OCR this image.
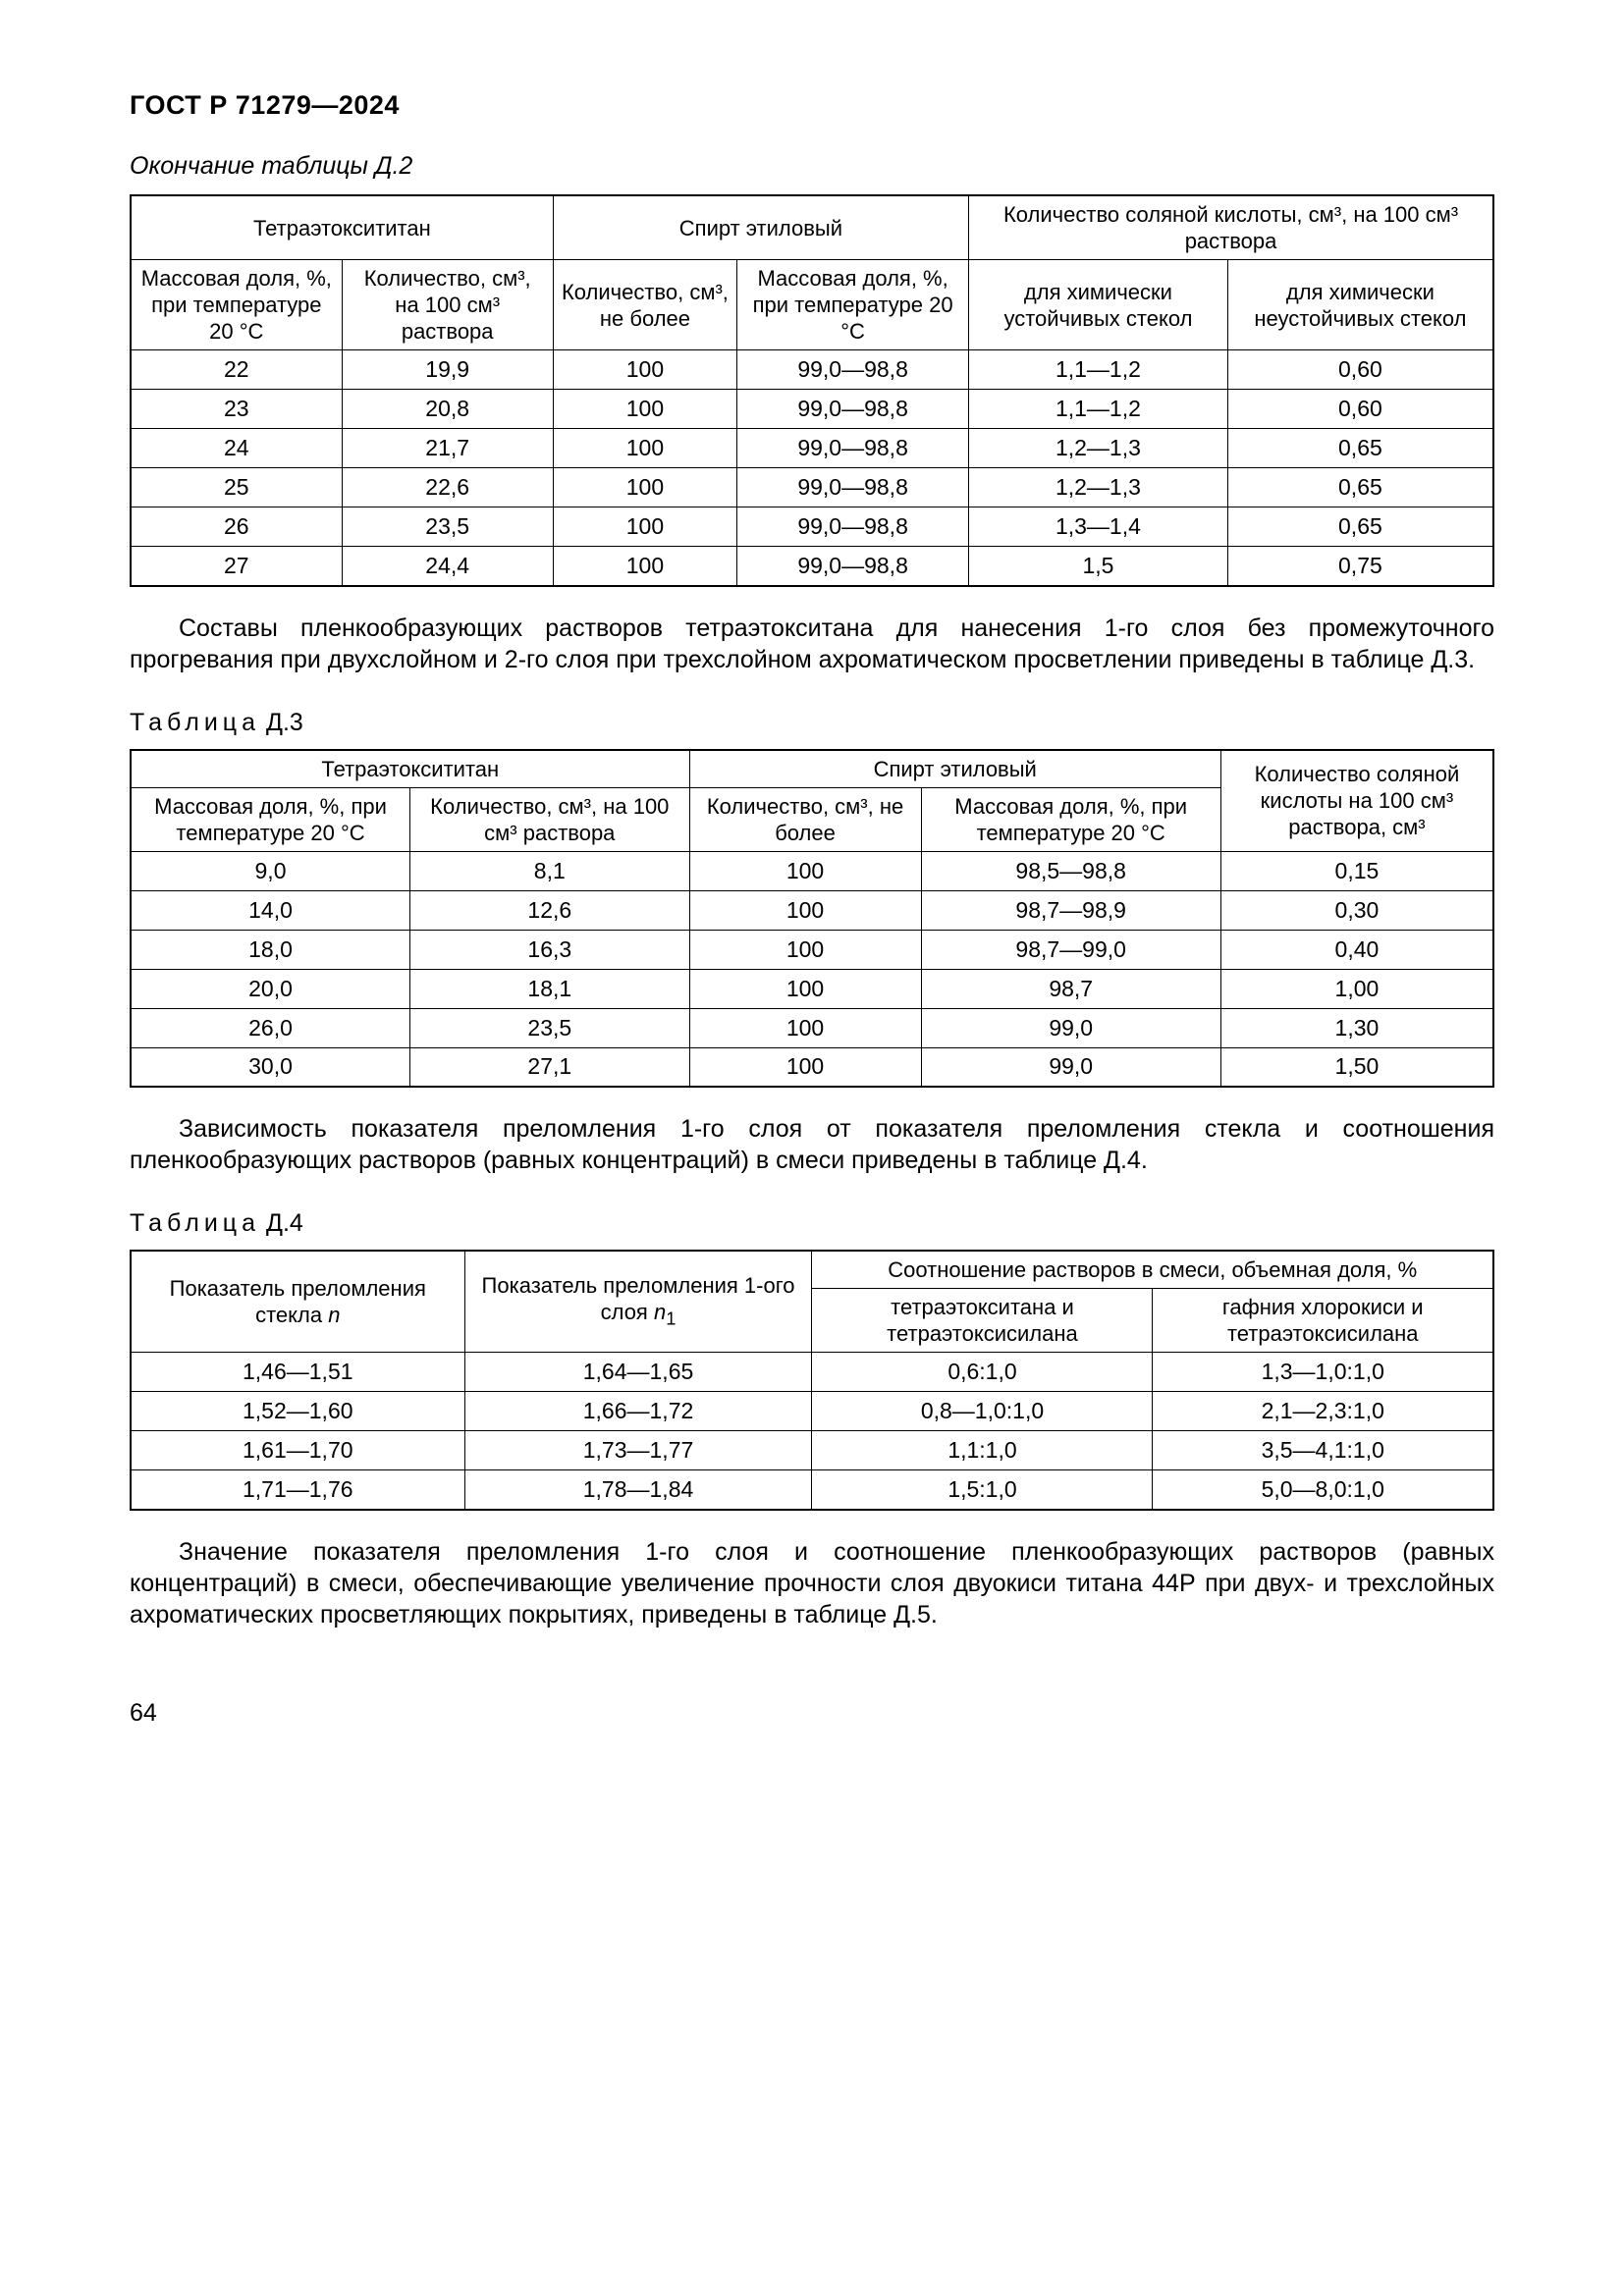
ГОСТ Р 71279—2024
Окончание таблицы Д.2
Тетраэтоксититан		Спирт этиловый		Количество соляной кислоты, см³, на 100 см³ раствора	
Массовая доля, %, при температуре 20 °С	Количество, см³, на 100 см³ раствора	Количество, см³, не более	Массовая доля, %, при температуре 20 °С	для химически устойчивых стекол	для химически неустойчивых стекол
22	19,9	100	99,0—98,8	1,1—1,2	0,60
23	20,8	100	99,0—98,8	1,1—1,2	0,60
24	21,7	100	99,0—98,8	1,2—1,3	0,65
25	22,6	100	99,0—98,8	1,2—1,3	0,65
26	23,5	100	99,0—98,8	1,3—1,4	0,65
27	24,4	100	99,0—98,8	1,5	0,75

Составы пленкообразующих растворов тетраэтокситана для нанесения 1-го слоя без промежуточного прогревания при двухслойном и 2-го слоя при трехслойном ахроматическом просветлении приведены в таблице Д.3.

Таблица Д.3
Тетраэтоксититан		Спирт этиловый		Количество соляной кислоты на 100 см³ раствора, см³
Массовая доля, %, при температуре 20 °С	Количество, см³, на 100 см³ раствора	Количество, см³, не более	Массовая доля, %, при температуре 20 °С	
9,0	8,1	100	98,5—98,8	0,15
14,0	12,6	100	98,7—98,9	0,30
18,0	16,3	100	98,7—99,0	0,40
20,0	18,1	100	98,7	1,00
26,0	23,5	100	99,0	1,30
30,0	27,1	100	99,0	1,50

Зависимость показателя преломления 1-го слоя от показателя преломления стекла и соотношения пленкообразующих растворов (равных концентраций) в смеси приведены в таблице Д.4.

Таблица Д.4
Показатель преломления стекла n	Показатель преломления 1-ого слоя $n_1$	Соотношение растворов в смеси, объемная доля, %	
		тетраэтокситана и тетраэтоксисилана	гафния хлорокиси и тетраэтоксисилана
1,46—1,51	1,64—1,65	0,6:1,0	1,3—1,0:1,0
1,52—1,60	1,66—1,72	0,8—1,0:1,0	2,1—2,3:1,0
1,61—1,70	1,73—1,77	1,1:1,0	3,5—4,1:1,0
1,71—1,76	1,78—1,84	1,5:1,0	5,0—8,0:1,0

Значение показателя преломления 1-го слоя и соотношение пленкообразующих растворов (равных концентраций) в смеси, обеспечивающие увеличение прочности слоя двуокиси титана 44Р при двух- и трехслойных ахроматических просветляющих покрытиях, приведены в таблице Д.5.

64
